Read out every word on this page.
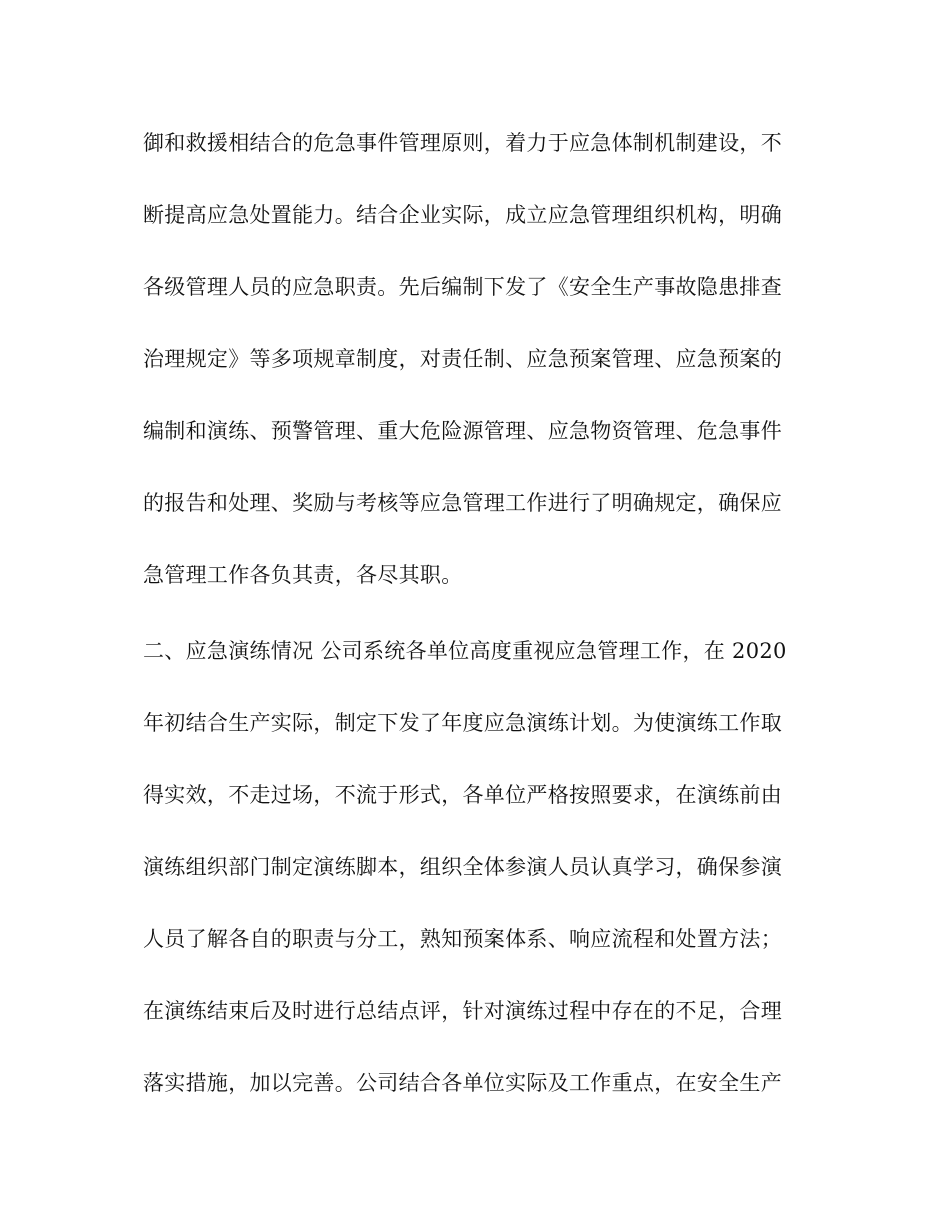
御和救援相结合的危急事件管理原则，着力于应急体制机制建设，不
断提高应急处置能力。结合企业实际，成立应急管理组织机构，明确
各级管理人员的应急职责。先后编制下发了《安全生产事故隐患排查
治理规定》等多项规章制度，对责任制、应急预案管理、应急预案的
编制和演练、预警管理、重大危险源管理、应急物资管理、危急事件
的报告和处理、奖励与考核等应急管理工作进行了明确规定，确保应
急管理工作各负其责，各尽其职。
二、应急演练情况 公司系统各单位高度重视应急管理工作，在 2020
年初结合生产实际，制定下发了年度应急演练计划。为使演练工作取
得实效，不走过场，不流于形式，各单位严格按照要求，在演练前由
演练组织部门制定演练脚本，组织全体参演人员认真学习，确保参演
人员了解各自的职责与分工，熟知预案体系、响应流程和处置方法；
在演练结束后及时进行总结点评，针对演练过程中存在的不足，合理
落实措施，加以完善。公司结合各单位实际及工作重点，在安全生产
